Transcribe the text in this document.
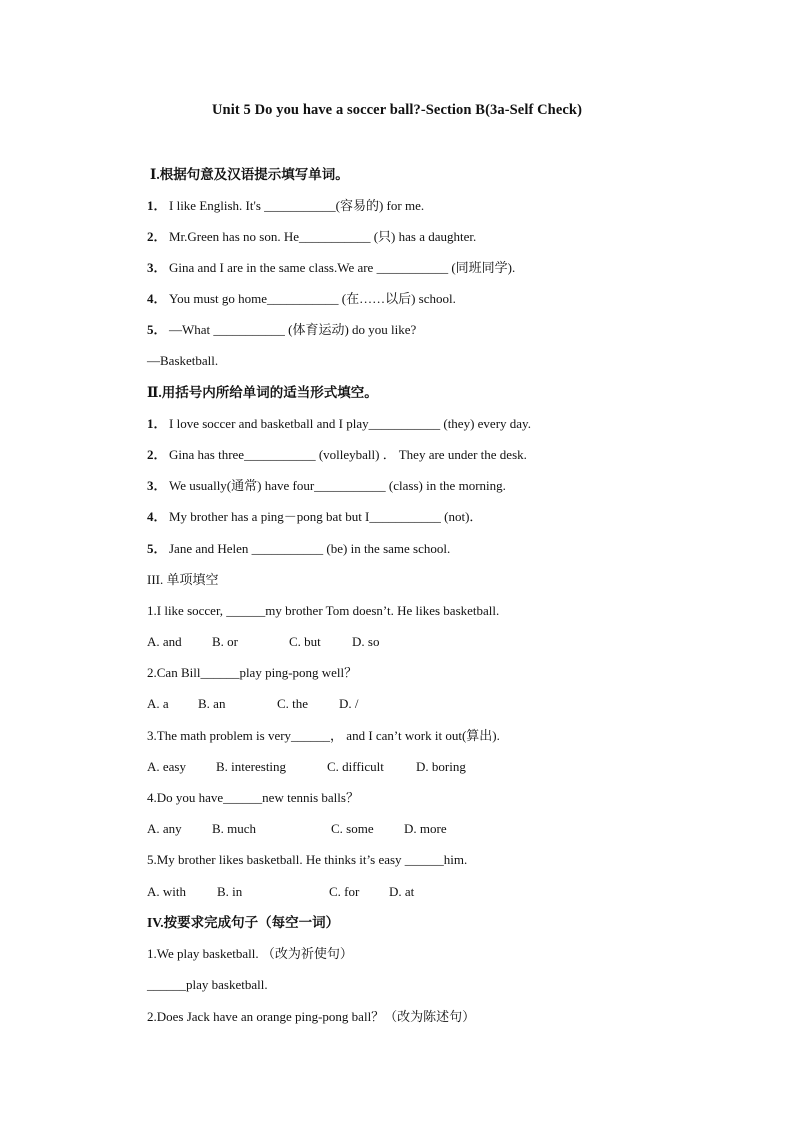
Unit 5 Do you have a soccer ball?-Section B(3a-Self Check)
Ⅰ.根据句意及汉语提示填写单词。
1． I like English. It's ___________(容易的) for me.
2． Mr.Green has no son. He___________ (只) has a daughter.
3． Gina and I are in the same class.We are ___________ (同班同学).
4． You must go home___________ (在……以后) school.
5． —What ___________ (体育运动) do you like?
—Basketball.
Ⅱ.用括号内所给单词的适当形式填空。
1． I love soccer and basketball and I play___________ (they) every day.
2． Gina has three___________ (volleyball) ． They are under the desk.
3． We usually(通常) have four___________ (class) in the morning.
4． My brother has a ping－pong bat but I___________ (not)．
5． Jane and Helen ___________ (be) in the same school.
III. 单项填空
1.I like soccer, ______my brother Tom doesn’t. He likes basketball.
A. and B. or	C. but D. so
2.Can Bill______play ping-pong well？
A. a B. an	C. the D. /
3.The math problem is very______， and I can’t work it out(算出).
A. easy B. interesting	C. difficult D. boring
4.Do you have______new tennis balls？
A. any B. much	C. some D. more
5.My brother likes basketball. He thinks it’s easy ______him.
A. with B. in	C. for D. at
IV.按要求完成句子（每空一词）
1.We play basketball. （改为祈使句）
______play basketball.
2.Does Jack have an orange ping-pong ball？（改为陈述句）
